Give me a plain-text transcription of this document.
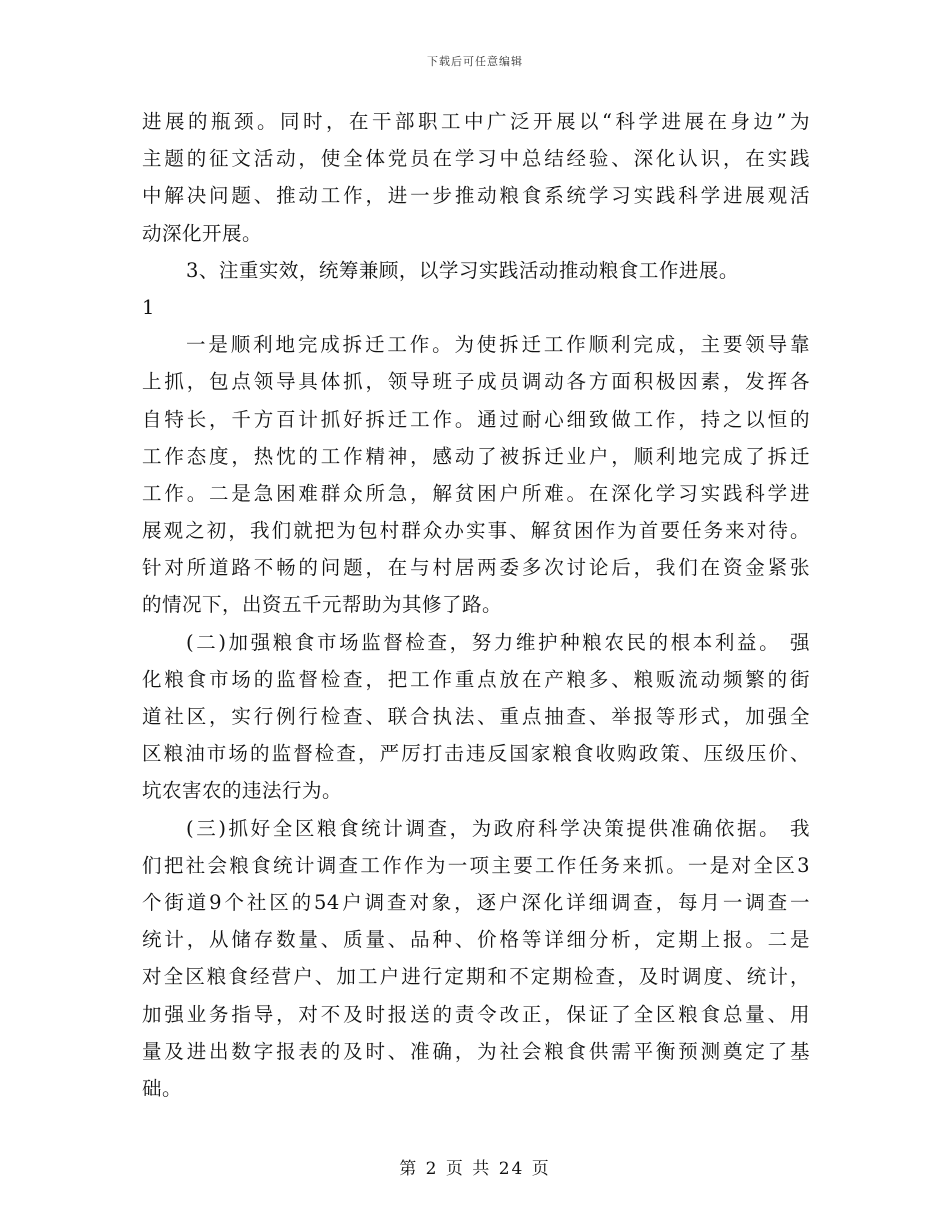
下载后可任意编辑
进展的瓶颈。同时，在干部职工中广泛开展以“科学进展在身边”为
主题的征文活动，使全体党员在学习中总结经验、深化认识，在实践
中解决问题、推动工作，进一步推动粮食系统学习实践科学进展观活
动深化开展。
3、注重实效，统筹兼顾，以学习实践活动推动粮食工作进展。
1
一是顺利地完成拆迁工作。为使拆迁工作顺利完成，主要领导靠
上抓，包点领导具体抓，领导班子成员调动各方面积极因素，发挥各
自特长，千方百计抓好拆迁工作。通过耐心细致做工作，持之以恒的
工作态度，热忱的工作精神，感动了被拆迁业户，顺利地完成了拆迁
工作。二是急困难群众所急，解贫困户所难。在深化学习实践科学进
展观之初，我们就把为包村群众办实事、解贫困作为首要任务来对待。
针对所道路不畅的问题，在与村居两委多次讨论后，我们在资金紧张
的情况下，出资五千元帮助为其修了路。
(二)加强粮食市场监督检查，努力维护种粮农民的根本利益。 强
化粮食市场的监督检查，把工作重点放在产粮多、粮贩流动频繁的街
道社区，实行例行检查、联合执法、重点抽查、举报等形式，加强全
区粮油市场的监督检查，严厉打击违反国家粮食收购政策、压级压价、
坑农害农的违法行为。
(三)抓好全区粮食统计调查，为政府科学决策提供准确依据。 我
们把社会粮食统计调查工作作为一项主要工作任务来抓。一是对全区3
个街道9个社区的54户调查对象，逐户深化详细调查，每月一调查一
统计，从储存数量、质量、品种、价格等详细分析，定期上报。二是
对全区粮食经营户、加工户进行定期和不定期检查，及时调度、统计，
加强业务指导，对不及时报送的责令改正，保证了全区粮食总量、用
量及进出数字报表的及时、准确，为社会粮食供需平衡预测奠定了基
础。
第 2 页 共 24 页
